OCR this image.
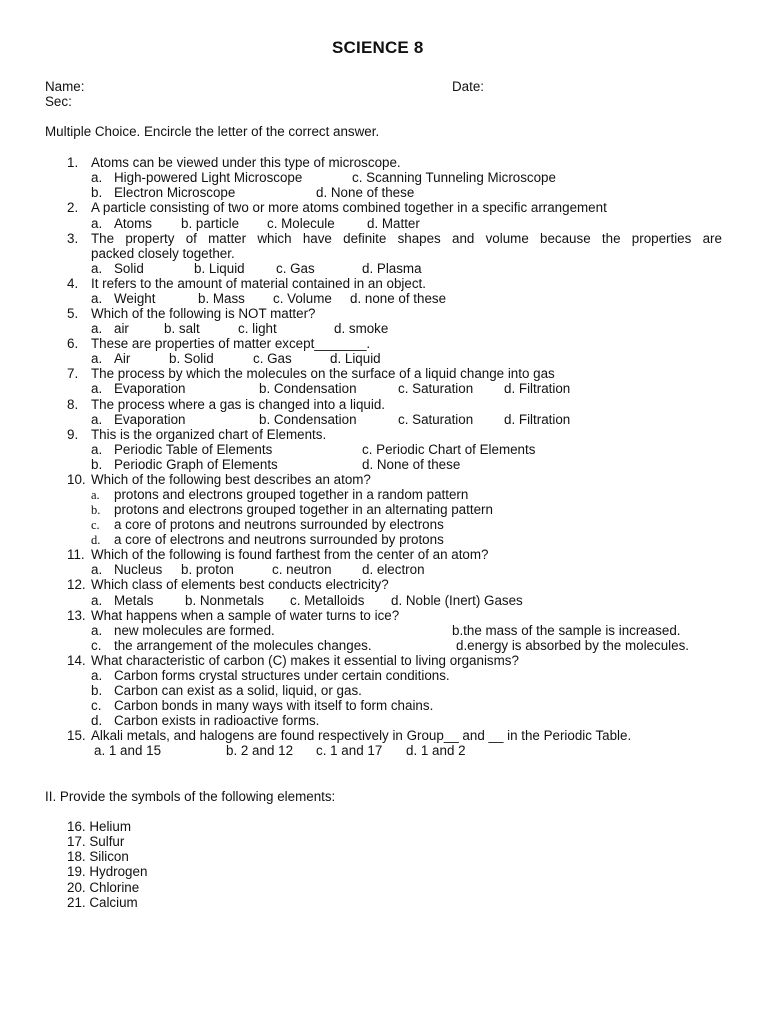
SCIENCE 8
Name:	Date:
Sec:
Multiple Choice. Encircle the letter of the correct answer.
1. Atoms can be viewed under this type of microscope.
a. High-powered Light Microscope	c. Scanning Tunneling Microscope
b. Electron Microscope	d. None of these
2. A particle consisting of two or more atoms combined together in a specific arrangement
a. Atoms b. particle c. Molecule d. Matter
3. The property of matter which have definite shapes and volume because the properties are
packed closely together.
a. Solid	b. Liquid c. Gas	d. Plasma
4. It refers to the amount of material contained in an object.
a. Weight	b. Mass c. Volume d. none of these
5. Which of the following is NOT matter?
a. air	b. salt	c. light	d. smoke
6. These are properties of matter except_______.
a. Air	b. Solid	c. Gas	d. Liquid
7. The process by which the molecules on the surface of a liquid change into gas
a. Evaporation	b. Condensation	c. Saturation d. Filtration
8. The process where a gas is changed into a liquid.
a. Evaporation	b. Condensation	c. Saturation d. Filtration
9. This is the organized chart of Elements.
a. Periodic Table of Elements	c. Periodic Chart of Elements
b. Periodic Graph of Elements	d. None of these
10. Which of the following best describes an atom?
a. protons and electrons grouped together in a random pattern
b. protons and electrons grouped together in an alternating pattern
c. a core of protons and neutrons surrounded by electrons
d. a core of electrons and neutrons surrounded by protons
11. Which of the following is found farthest from the center of an atom?
a. Nucleus b. proton	c. neutron d. electron
12. Which class of elements best conducts electricity?
a. Metals b. Nonmetals c. Metalloids d. Noble (Inert) Gases
13. What happens when a sample of water turns to ice?
a. new molecules are formed.	b.the mass of the sample is increased.
c. the arrangement of the molecules changes.	d.energy is absorbed by the molecules.
14. What characteristic of carbon (C) makes it essential to living organisms?
a. Carbon forms crystal structures under certain conditions.
b. Carbon can exist as a solid, liquid, or gas.
c. Carbon bonds in many ways with itself to form chains.
d. Carbon exists in radioactive forms.
15. Alkali metals, and halogens are found respectively in Group__ and __ in the Periodic Table.
a. 1 and 15	b. 2 and 12 c. 1 and 17 d. 1 and 2
II. Provide the symbols of the following elements:
16. Helium
17. Sulfur
18. Silicon
19. Hydrogen
20. Chlorine
21. Calcium
